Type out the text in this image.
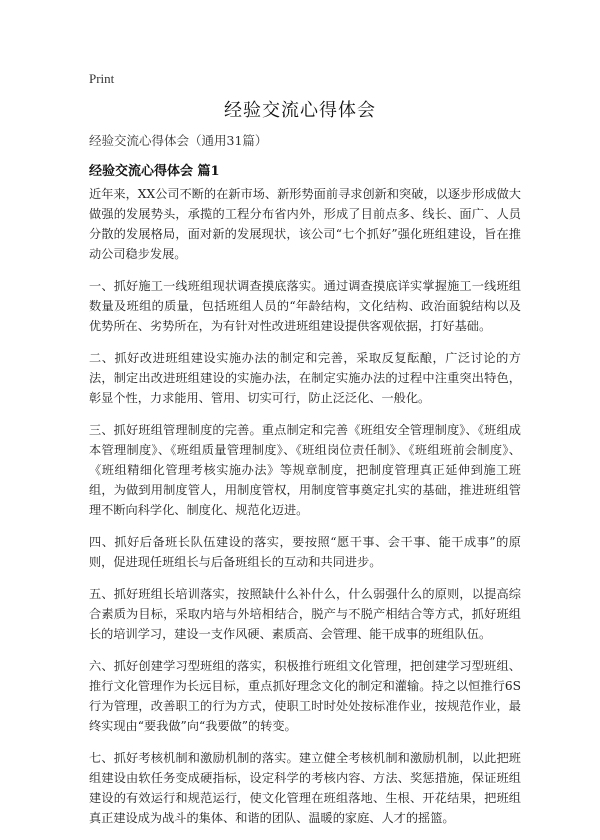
Print
经验交流心得体会
经验交流心得体会（通用31篇）
经验交流心得体会 篇1

近年来，XX公司不断的在新市场、新形势面前寻求创新和突破，以逐步形成做大做强的发展势头，承揽的工程分布省内外，形成了目前点多、线长、面广、人员分散的发展格局，面对新的发展现状，该公司“七个抓好”强化班组建设，旨在推动公司稳步发展。

一、抓好施工一线班组现状调查摸底落实。通过调查摸底详实掌握施工一线班组数量及班组的质量，包括班组人员的“年龄结构，文化结构、政治面貌结构以及优势所在、劣势所在，为有针对性改进班组建设提供客观依据，打好基础。

二、抓好改进班组建设实施办法的制定和完善，采取反复酝酿，广泛讨论的方法，制定出改进班组建设的实施办法，在制定实施办法的过程中注重突出特色，彰显个性，力求能用、管用、切实可行，防止泛泛化、一般化。

三、抓好班组管理制度的完善。重点制定和完善《班组安全管理制度》、《班组成本管理制度》、《班组质量管理制度》、《班组岗位责任制》、《班组班前会制度》、《班组精细化管理考核实施办法》等规章制度，把制度管理真正延伸到施工班组，为做到用制度管人，用制度管权，用制度管事奠定扎实的基础，推进班组管理不断向科学化、制度化、规范化迈进。

四、抓好后备班长队伍建设的落实，要按照“愿干事、会干事、能干成事”的原则，促进现任班组长与后备班组长的互动和共同进步。

五、抓好班组长培训落实，按照缺什么补什么，什么弱强什么的原则，以提高综合素质为目标，采取内培与外培相结合，脱产与不脱产相结合等方式，抓好班组长的培训学习，建设一支作风硬、素质高、会管理、能干成事的班组队伍。

六、抓好创建学习型班组的落实，积极推行班组文化管理，把创建学习型班组、推行文化管理作为长远目标，重点抓好理念文化的制定和灌输。持之以恒推行6S行为管理，改善职工的行为方式，使职工时时处处按标准作业，按规范作业，最终实现由“要我做”向“我要做”的转变。

七、抓好考核机制和激励机制的落实。建立健全考核机制和激励机制，以此把班组建设由软任务变成硬指标，设定科学的考核内容、方法、奖惩措施，保证班组建设的有效运行和规范运行，使文化管理在班组落地、生根、开花结果，把班组真正建设成为战斗的集体、和谐的团队、温暖的家庭、人才的摇篮。
